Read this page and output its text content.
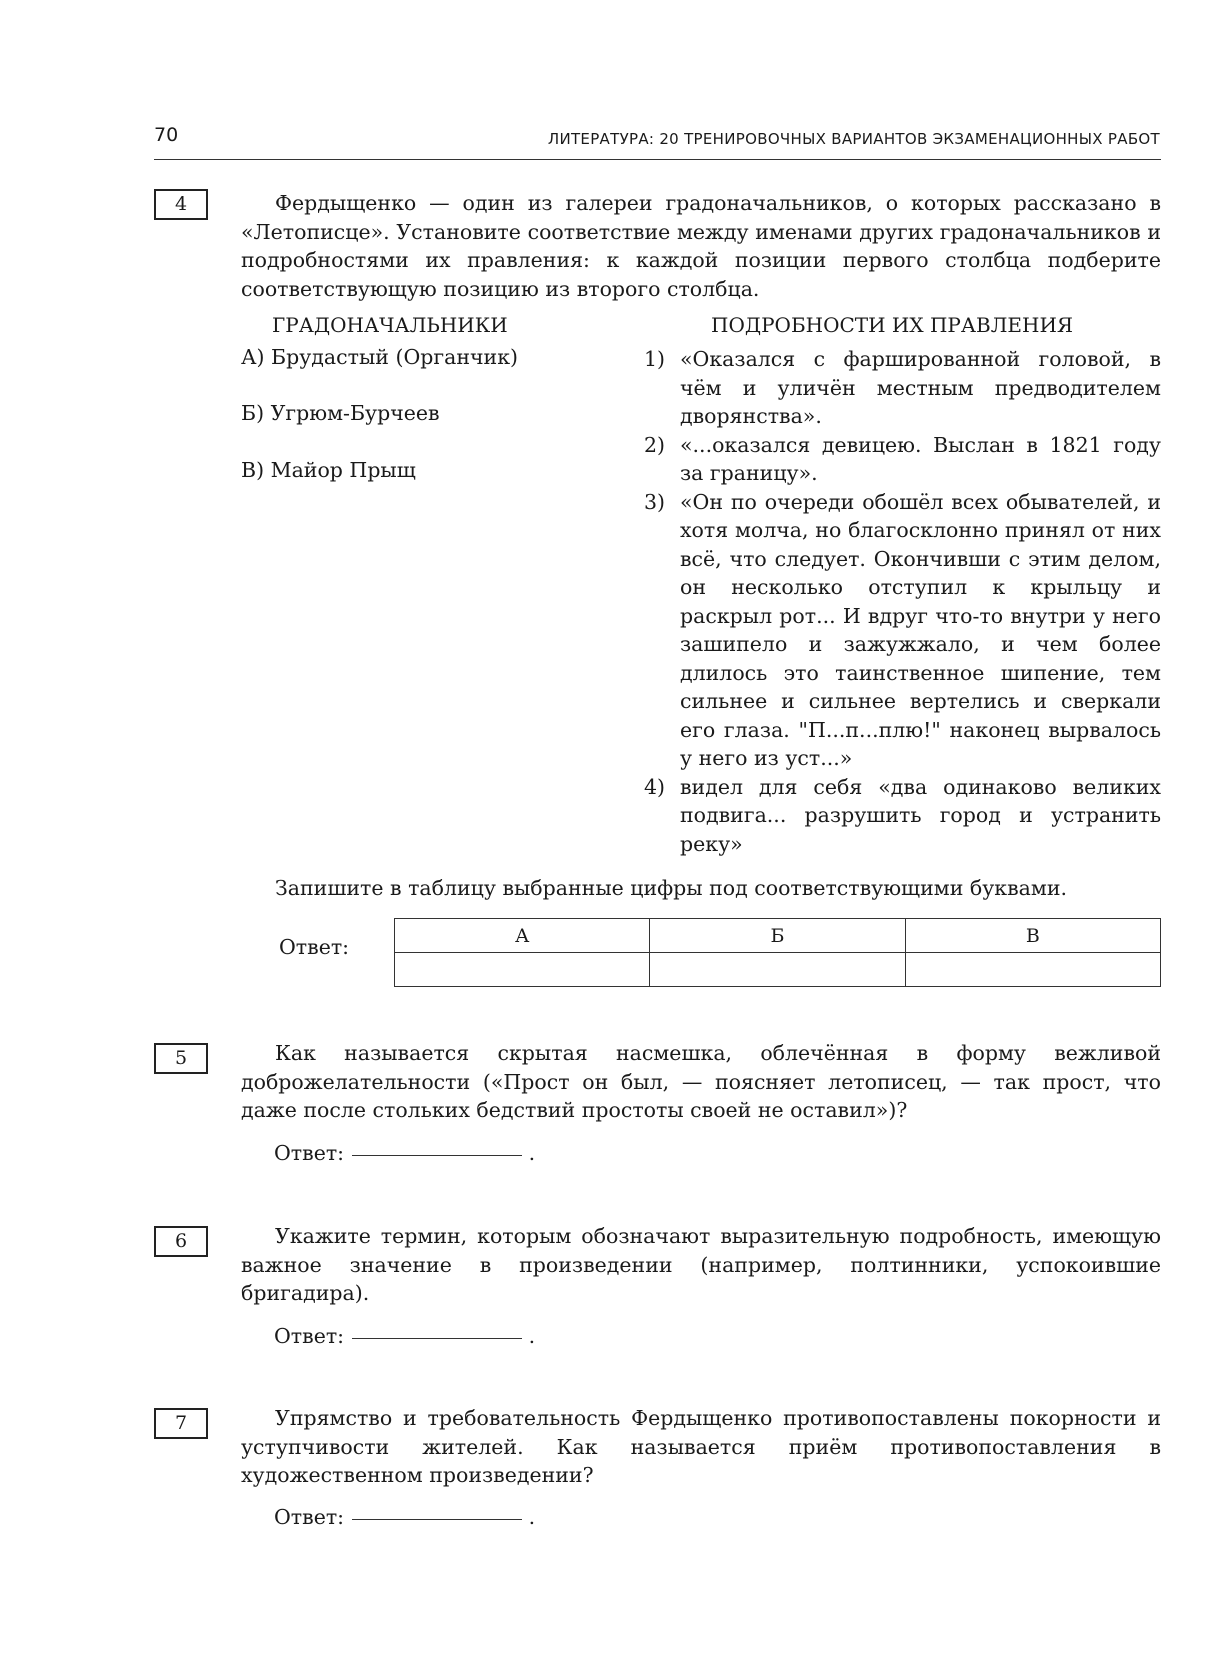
70	ЛИТЕРАТУРА: 20 ТРЕНИРОВОЧНЫХ ВАРИАНТОВ ЭКЗАМЕНАЦИОННЫХ РАБОТ
4	Фердыщенко — один из галереи градоначальников, о которых рассказано в «Летописце». Установите соответствие между именами других градоначальников и подробностями их правления: к каждой позиции первого столбца подберите соответствующую позицию из второго столбца.
ГРАДОНАЧАЛЬНИКИ	ПОДРОБНОСТИ ИХ ПРАВЛЕНИЯ
А) Брудастый (Органчик)
Б) Угрюм-Бурчеев
В) Майор Прыщ
1) «Оказался с фаршированной головой, в чём и уличён местным предводителем дворянства».
2) «...оказался девицею. Выслан в 1821 году за границу».
3) «Он по очереди обошёл всех обывателей, и хотя молча, но благосклонно принял от них всё, что следует. Окончивши с этим делом, он несколько отступил к крыльцу и раскрыл рот... И вдруг что-то внутри у него зашипело и зажужжало, и чем более длилось это таинственное шипение, тем сильнее и сильнее вертелись и сверкали его глаза. "П...п...плю!" наконец вырвалось у него из уст...»
4) видел для себя «два одинаково великих подвига... разрушить город и устранить реку»
Запишите в таблицу выбранные цифры под соответствующими буквами.
Ответ:	А	Б	В

5	Как называется скрытая насмешка, облечённая в форму вежливой доброжелательности («Прост он был, — поясняет летописец, — так прост, что даже после стольких бедствий простоты своей не оставил»)?
Ответ:	.
6	Укажите термин, которым обозначают выразительную подробность, имеющую важное значение в произведении (например, полтинники, успокоившие бригадира).
Ответ:	.
7	Упрямство и требовательность Фердыщенко противопоставлены покорности и уступчивости жителей. Как называется приём противопоставления в художественном произведении?
Ответ:	.
